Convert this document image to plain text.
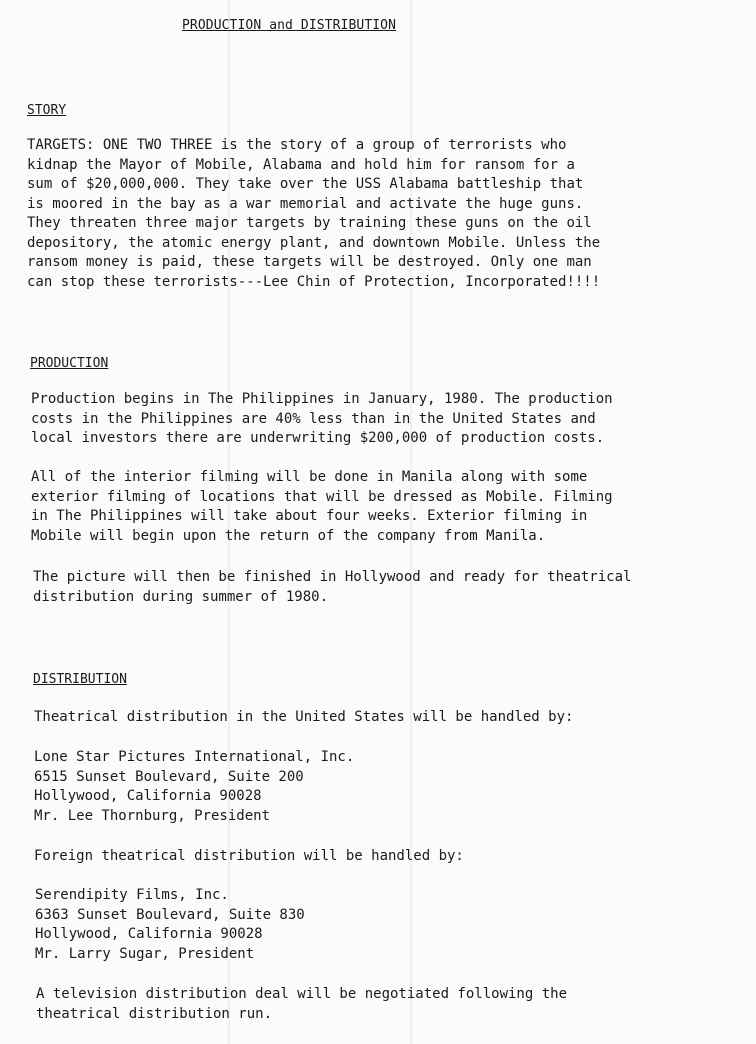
PRODUCTION and DISTRIBUTION
STORY
TARGETS: ONE TWO THREE is the story of a group of terrorists who
kidnap the Mayor of Mobile, Alabama and hold him for ransom for a
sum of $20,000,000. They take over the USS Alabama battleship that
is moored in the bay as a war memorial and activate the huge guns.
They threaten three major targets by training these guns on the oil
depository, the atomic energy plant, and downtown Mobile. Unless the
ransom money is paid, these targets will be destroyed. Only one man
can stop these terrorists---Lee Chin of Protection, Incorporated!!!!
PRODUCTION
Production begins in The Philippines in January, 1980. The production
costs in the Philippines are 40% less than in the United States and
local investors there are underwriting $200,000 of production costs.
All of the interior filming will be done in Manila along with some
exterior filming of locations that will be dressed as Mobile. Filming
in The Philippines will take about four weeks. Exterior filming in
Mobile will begin upon the return of the company from Manila.
The picture will then be finished in Hollywood and ready for theatrical
distribution during summer of 1980.
DISTRIBUTION
Theatrical distribution in the United States will be handled by:
Lone Star Pictures International, Inc.
6515 Sunset Boulevard, Suite 200
Hollywood, California 90028
Mr. Lee Thornburg, President
Foreign theatrical distribution will be handled by:
Serendipity Films, Inc.
6363 Sunset Boulevard, Suite 830
Hollywood, California 90028
Mr. Larry Sugar, President
A television distribution deal will be negotiated following the
theatrical distribution run.
